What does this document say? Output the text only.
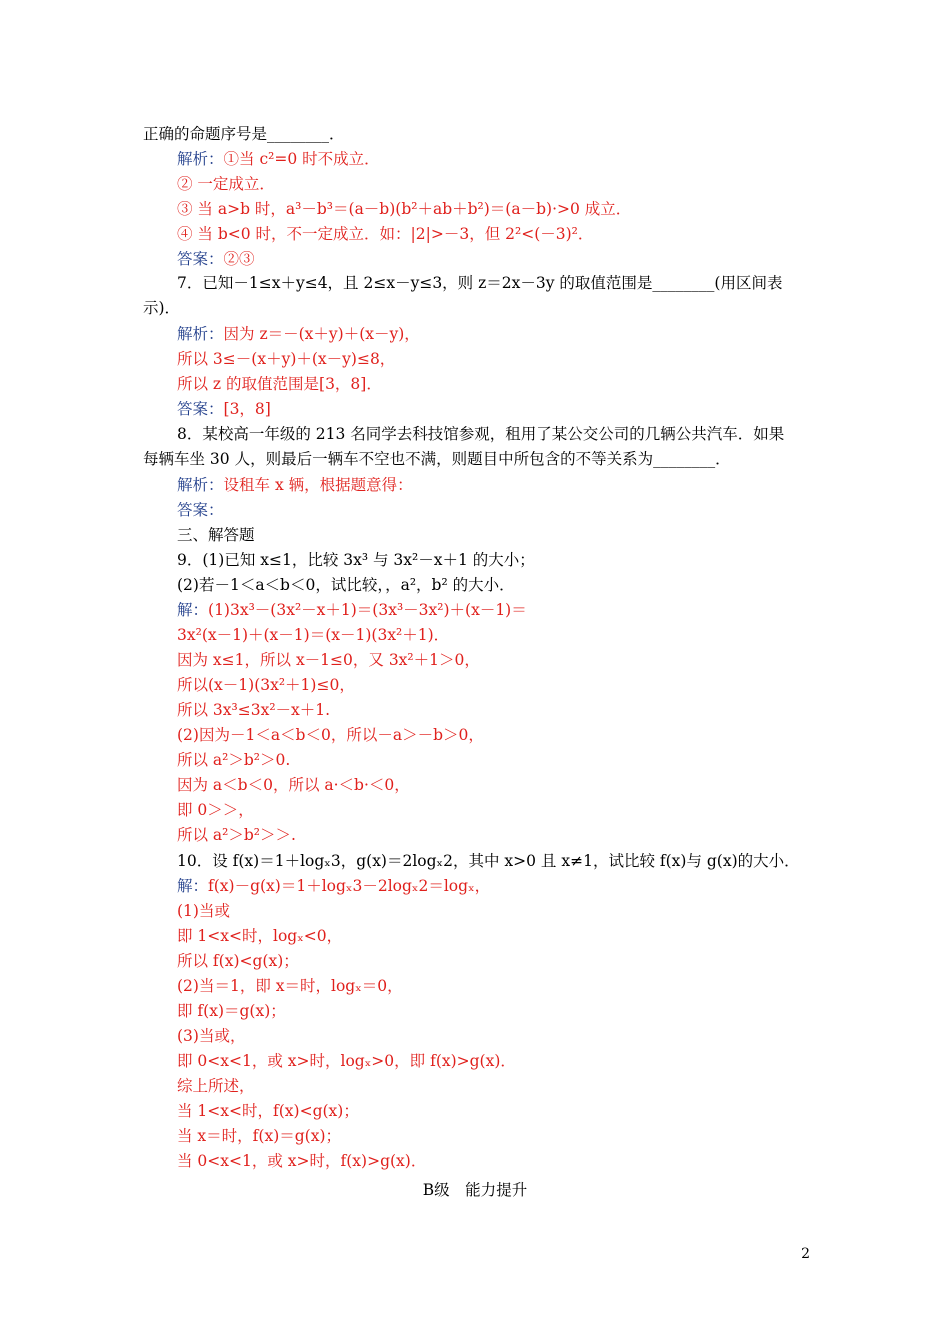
正确的命题序号是________．
解析：①当 c²=0 时不成立．
② 一定成立．
③ 当 a>b 时，a³－b³＝(a－b)(b²＋ab＋b²)＝(a－b)·>0 成立．
④ 当 b<0 时，不一定成立．如：|2|>－3，但 2²<(－3)²．
答案：②③
7．已知－1≤x＋y≤4，且 2≤x－y≤3，则 z＝2x－3y 的取值范围是________(用区间表
示)．
解析：因为 z＝－(x＋y)＋(x－y)，
所以 3≤－(x＋y)＋(x－y)≤8，
所以 z 的取值范围是[3，8]．
答案：[3，8]
8．某校高一年级的 213 名同学去科技馆参观，租用了某公交公司的几辆公共汽车．如果
每辆车坐 30 人，则最后一辆车不空也不满，则题目中所包含的不等关系为________．
解析：设租车 x 辆，根据题意得：
答案：
三、解答题
9．(1)已知 x≤1，比较 3x³ 与 3x²－x＋1 的大小；
(2)若－1＜a＜b＜0，试比较，，a²，b² 的大小．
解：(1)3x³－(3x²－x＋1)＝(3x³－3x²)＋(x－1)＝
3x²(x－1)＋(x－1)＝(x－1)(3x²＋1)．
因为 x≤1，所以 x－1≤0，又 3x²＋1＞0，
所以(x－1)(3x²＋1)≤0，
所以 3x³≤3x²－x＋1.
(2)因为－1＜a＜b＜0，所以－a＞－b＞0，
所以 a²＞b²＞0.
因为 a＜b＜0，所以 a·＜b·＜0，
即 0＞＞，
所以 a²＞b²＞＞.
10．设 f(x)＝1＋logₓ3，g(x)＝2logₓ2，其中 x>0 且 x≠1，试比较 f(x)与 g(x)的大小．
解：f(x)－g(x)＝1＋logₓ3－2logₓ2＝logₓ，
(1)当或
即 1<x<时，logₓ<0，
所以 f(x)<g(x)；
(2)当＝1，即 x＝时，logₓ＝0，
即 f(x)＝g(x)；
(3)当或，
即 0<x<1，或 x>时，logₓ>0，即 f(x)>g(x)．
综上所述，
当 1<x<时，f(x)<g(x)；
当 x＝时，f(x)＝g(x)；
当 0<x<1，或 x>时，f(x)>g(x)．
B级　能力提升
2
